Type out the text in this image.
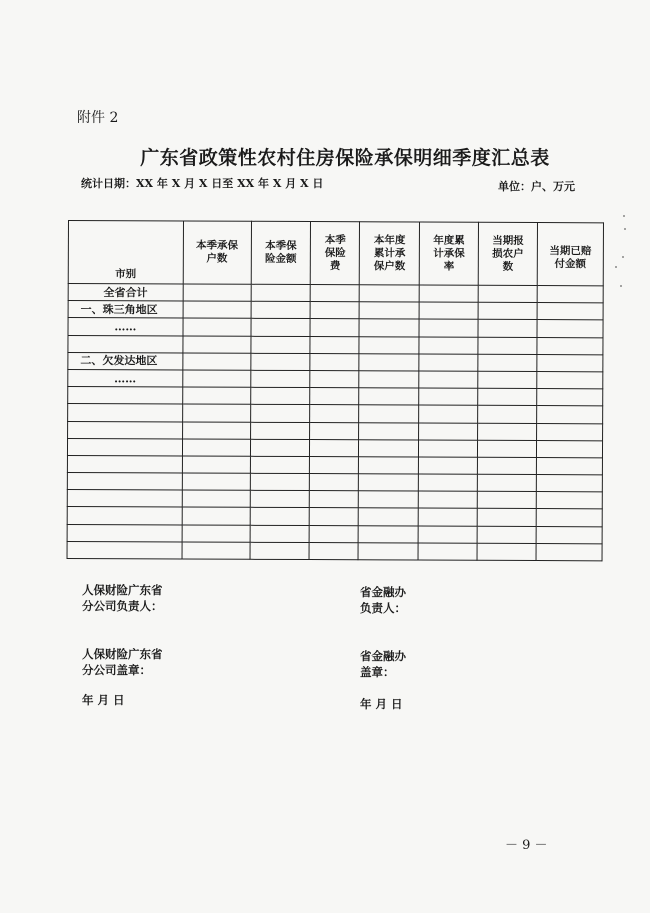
附件 2
广东省政策性农村住房保险承保明细季度汇总表
统计日期：XX 年 X 月 X 日至 XX 年 X 月 X 日	单位：户、万元
市别	本季承保户数	本季保险金额	本季保险费	本年度累计承保户数	年度累计承保率	当期报损农户数	当期已赔付金额
全省合计							
一、珠三角地区							
……							

二、欠发达地区							
……							

人保财险广东省
分公司负责人：
人保财险广东省
分公司盖章：
年 月 日
省金融办
负责人：
省金融办
盖章：
年 月 日
－ 9 －
